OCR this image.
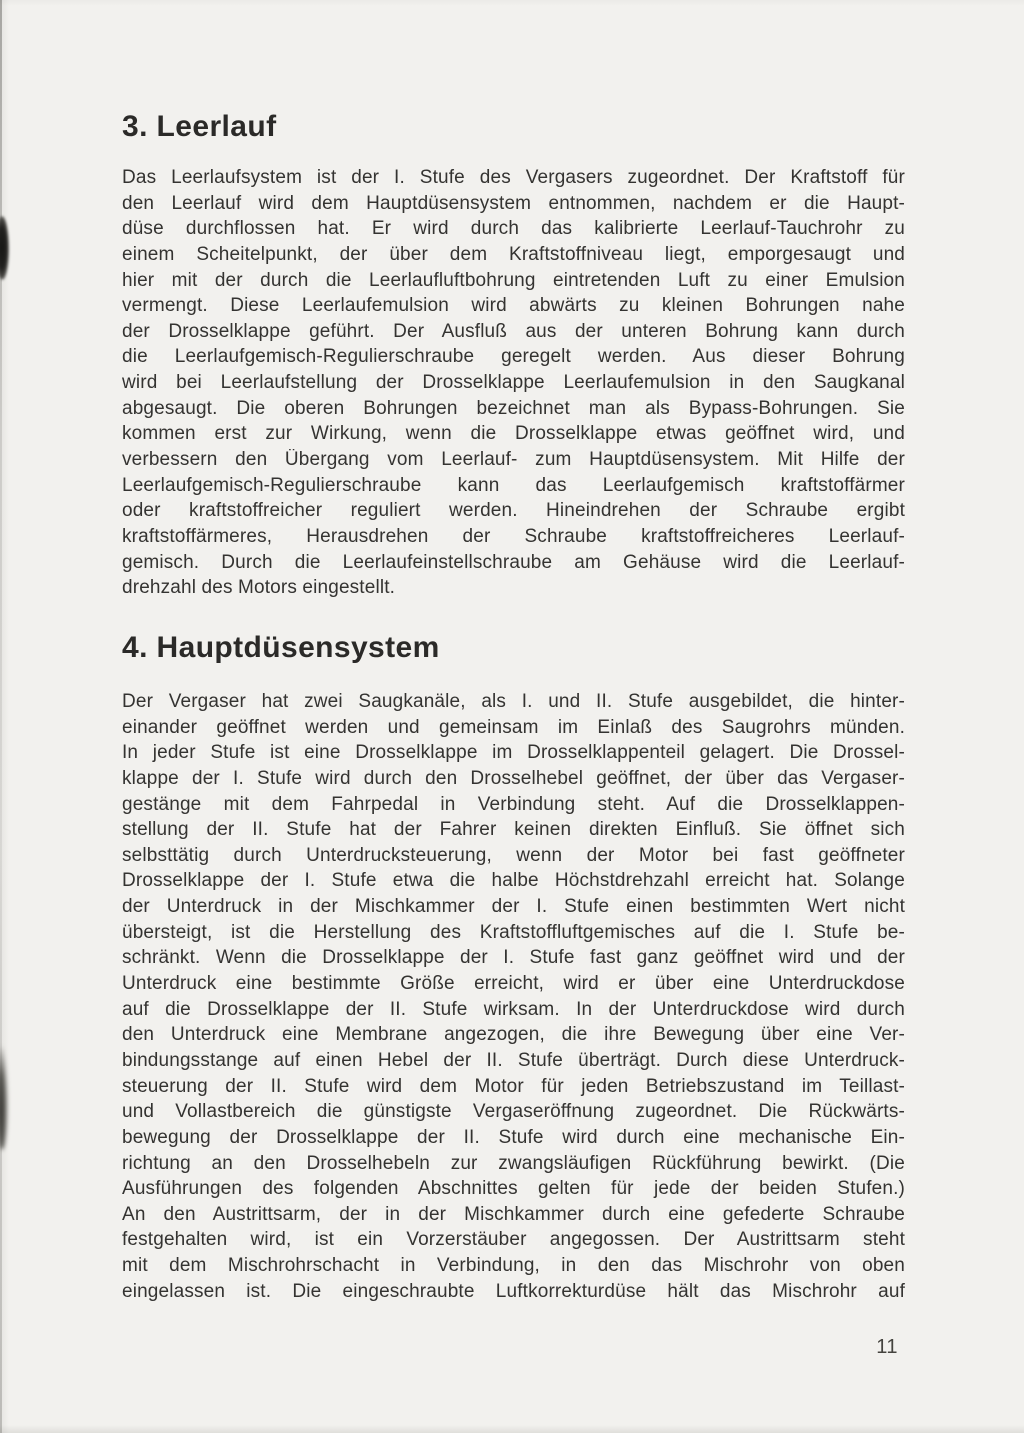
3. Leerlauf
Das Leerlaufsystem ist der I. Stufe des Vergasers zugeordnet. Der Kraftstoff für
den Leerlauf wird dem Hauptdüsensystem entnommen, nachdem er die Haupt-
düse durchflossen hat. Er wird durch das kalibrierte Leerlauf-Tauchrohr zu
einem Scheitelpunkt, der über dem Kraftstoffniveau liegt, emporgesaugt und
hier mit der durch die Leerlaufluftbohrung eintretenden Luft zu einer Emulsion
vermengt. Diese Leerlaufemulsion wird abwärts zu kleinen Bohrungen nahe
der Drosselklappe geführt. Der Ausfluß aus der unteren Bohrung kann durch
die Leerlaufgemisch-Regulierschraube geregelt werden. Aus dieser Bohrung
wird bei Leerlaufstellung der Drosselklappe Leerlaufemulsion in den Saugkanal
abgesaugt. Die oberen Bohrungen bezeichnet man als Bypass-Bohrungen. Sie
kommen erst zur Wirkung, wenn die Drosselklappe etwas geöffnet wird, und
verbessern den Übergang vom Leerlauf- zum Hauptdüsensystem. Mit Hilfe der
Leerlaufgemisch-Regulierschraube kann das Leerlaufgemisch kraftstoffärmer
oder kraftstoffreicher reguliert werden. Hineindrehen der Schraube ergibt
kraftstoffärmeres, Herausdrehen der Schraube kraftstoffreicheres Leerlauf-
gemisch. Durch die Leerlaufeinstellschraube am Gehäuse wird die Leerlauf-
drehzahl des Motors eingestellt.
4. Hauptdüsensystem
Der Vergaser hat zwei Saugkanäle, als I. und II. Stufe ausgebildet, die hinter-
einander geöffnet werden und gemeinsam im Einlaß des Saugrohrs münden.
In jeder Stufe ist eine Drosselklappe im Drosselklappenteil gelagert. Die Drossel-
klappe der I. Stufe wird durch den Drosselhebel geöffnet, der über das Vergaser-
gestänge mit dem Fahrpedal in Verbindung steht. Auf die Drosselklappen-
stellung der II. Stufe hat der Fahrer keinen direkten Einfluß. Sie öffnet sich
selbsttätig durch Unterdrucksteuerung, wenn der Motor bei fast geöffneter
Drosselklappe der I. Stufe etwa die halbe Höchstdrehzahl erreicht hat. Solange
der Unterdruck in der Mischkammer der I. Stufe einen bestimmten Wert nicht
übersteigt, ist die Herstellung des Kraftstoffluftgemisches auf die I. Stufe be-
schränkt. Wenn die Drosselklappe der I. Stufe fast ganz geöffnet wird und der
Unterdruck eine bestimmte Größe erreicht, wird er über eine Unterdruckdose
auf die Drosselklappe der II. Stufe wirksam. In der Unterdruckdose wird durch
den Unterdruck eine Membrane angezogen, die ihre Bewegung über eine Ver-
bindungsstange auf einen Hebel der II. Stufe überträgt. Durch diese Unterdruck-
steuerung der II. Stufe wird dem Motor für jeden Betriebszustand im Teillast-
und Vollastbereich die günstigste Vergaseröffnung zugeordnet. Die Rückwärts-
bewegung der Drosselklappe der II. Stufe wird durch eine mechanische Ein-
richtung an den Drosselhebeln zur zwangsläufigen Rückführung bewirkt. (Die
Ausführungen des folgenden Abschnittes gelten für jede der beiden Stufen.)
An den Austrittsarm, der in der Mischkammer durch eine gefederte Schraube
festgehalten wird, ist ein Vorzerstäuber angegossen. Der Austrittsarm steht
mit dem Mischrohrschacht in Verbindung, in den das Mischrohr von oben
eingelassen ist. Die eingeschraubte Luftkorrekturdüse hält das Mischrohr auf
11
